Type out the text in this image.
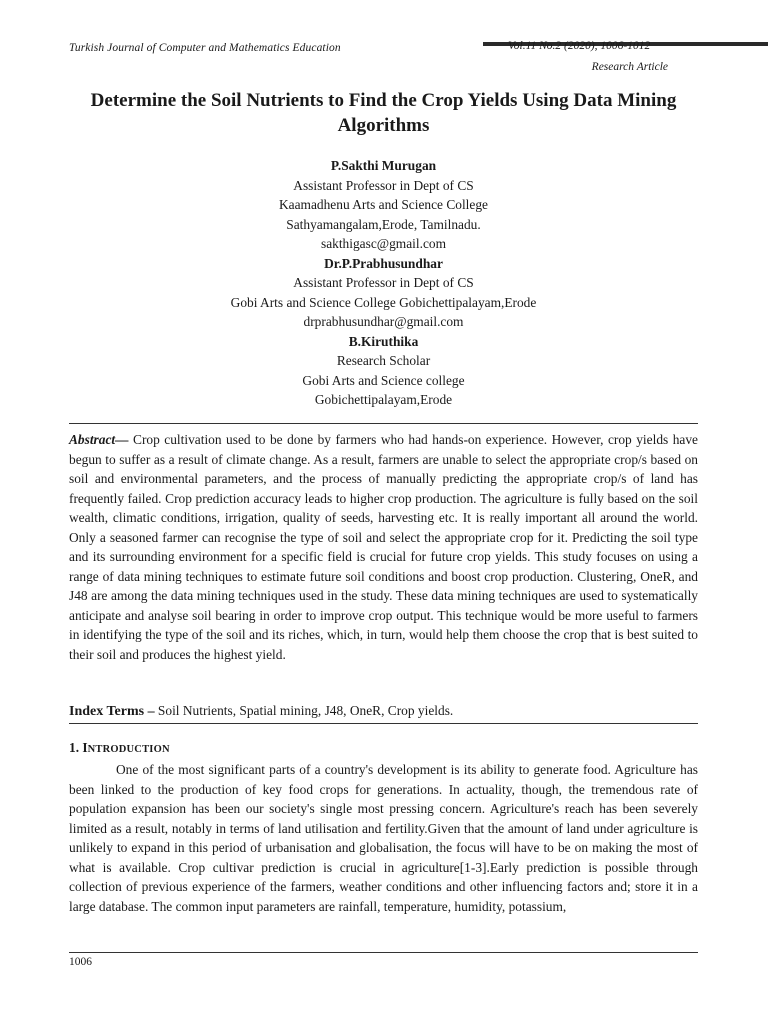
Turkish Journal of Computer and Mathematics Education	Vol.11 No.2 (2020), 1006-1012
Research Article
Determine the Soil Nutrients to Find the Crop Yields Using Data Mining Algorithms
P.Sakthi Murugan
Assistant Professor in Dept of CS
Kaamadhenu Arts and Science College
Sathyamangalam,Erode, Tamilnadu.
sakthigasc@gmail.com
Dr.P.Prabhusundhar
Assistant Professor in Dept of CS
Gobi Arts and Science College Gobichettipalayam,Erode
drprabhusundhar@gmail.com
B.Kiruthika
Research Scholar
Gobi Arts and Science college
Gobichettipalayam,Erode

Abstract— Crop cultivation used to be done by farmers who had hands-on experience. However, crop yields have begun to suffer as a result of climate change. As a result, farmers are unable to select the appropriate crop/s based on soil and environmental parameters, and the process of manually predicting the appropriate crop/s of land has frequently failed. Crop prediction accuracy leads to higher crop production. The agriculture is fully based on the soil wealth, climatic conditions, irrigation, quality of seeds, harvesting etc. It is really important all around the world. Only a seasoned farmer can recognise the type of soil and select the appropriate crop for it. Predicting the soil type and its surrounding environment for a specific field is crucial for future crop yields. This study focuses on using a range of data mining techniques to estimate future soil conditions and boost crop production. Clustering, OneR, and J48 are among the data mining techniques used in the study. These data mining techniques are used to systematically anticipate and analyse soil bearing in order to improve crop output. This technique would be more useful to farmers in identifying the type of the soil and its riches, which, in turn, would help them choose the crop that is best suited to their soil and produces the highest yield.

Index Terms – Soil Nutrients, Spatial mining, J48, OneR, Crop yields.

1. INTRODUCTION

One of the most significant parts of a country's development is its ability to generate food. Agriculture has been linked to the production of key food crops for generations. In actuality, though, the tremendous rate of population expansion has been our society's single most pressing concern. Agriculture's reach has been severely limited as a result, notably in terms of land utilisation and fertility.Given that the amount of land under agriculture is unlikely to expand in this period of urbanisation and globalisation, the focus will have to be on making the most of what is available. Crop cultivar prediction is crucial in agriculture[1-3].Early prediction is possible through collection of previous experience of the farmers, weather conditions and other influencing factors and; store it in a large database. The common input parameters are rainfall, temperature, humidity, potassium,

1006
